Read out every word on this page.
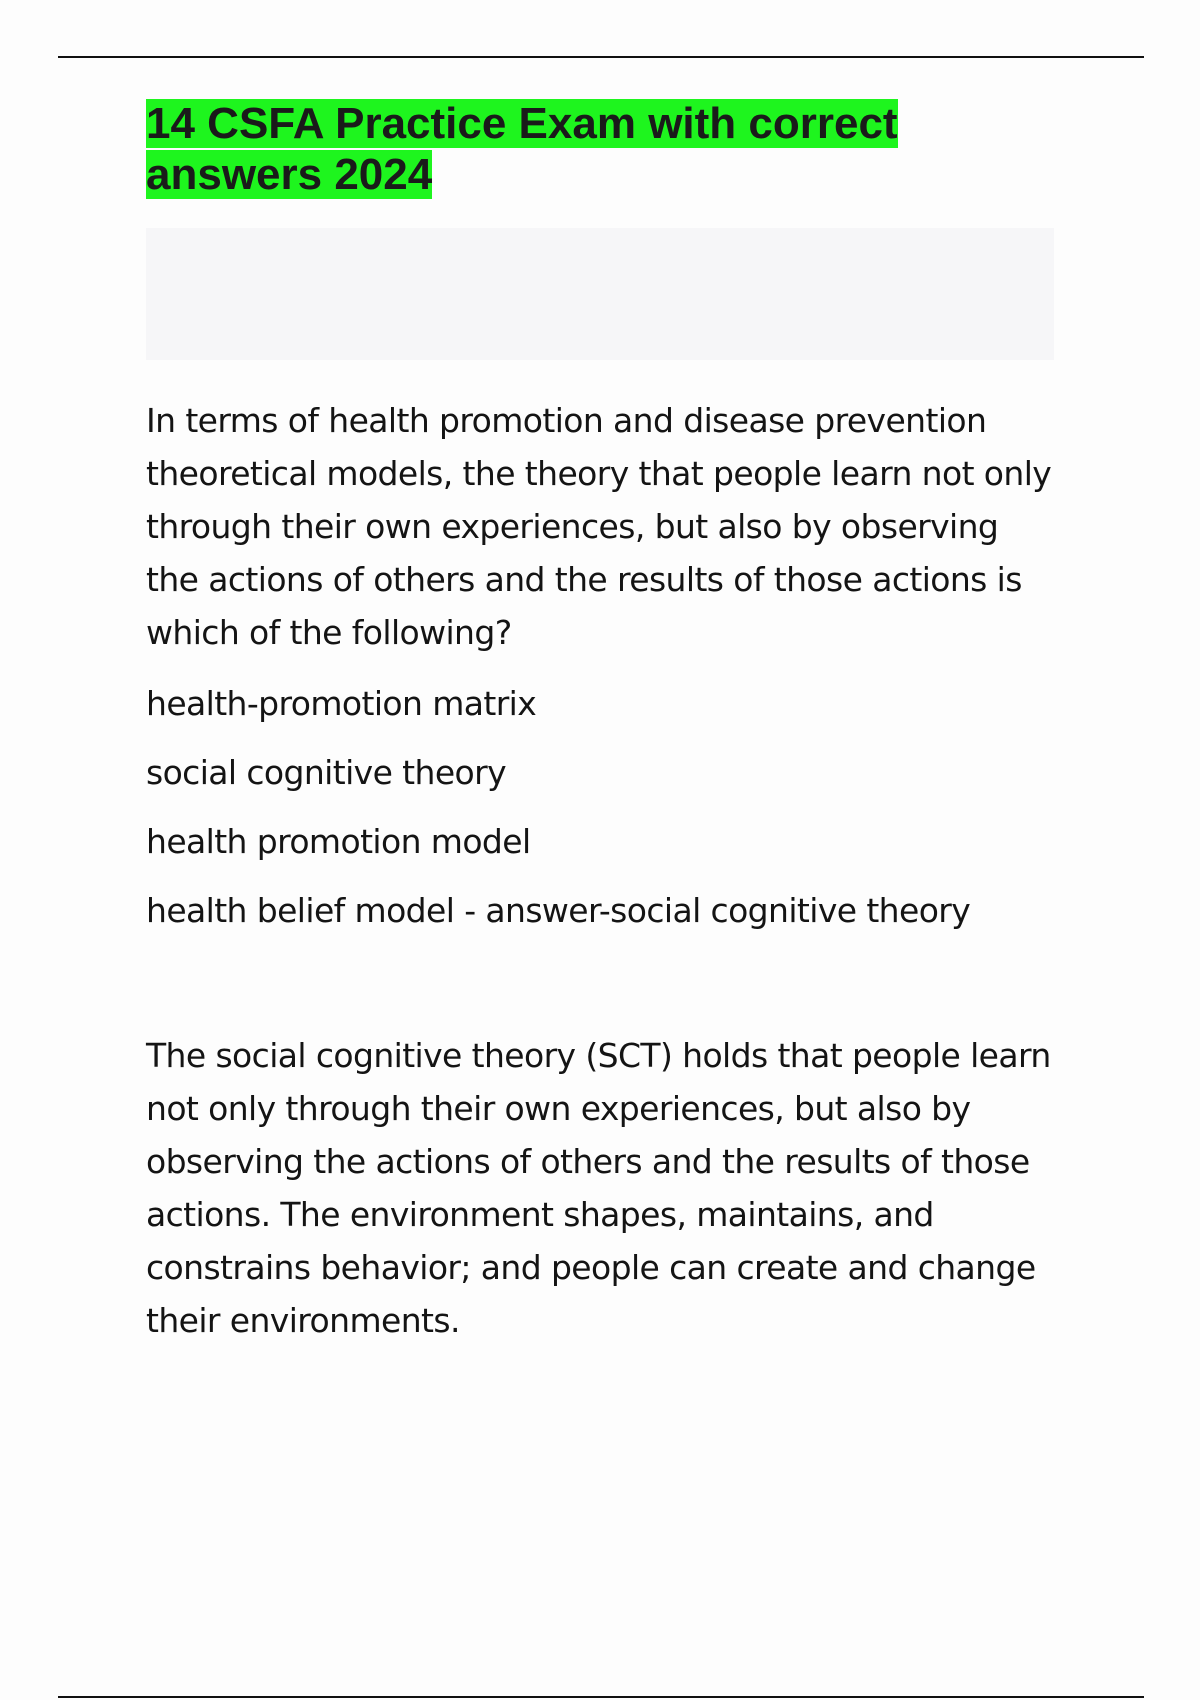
14 CSFA Practice Exam with correct answers 2024

In terms of health promotion and disease prevention theoretical models, the theory that people learn not only through their own experiences, but also by observing the actions of others and the results of those actions is which of the following?

health-promotion matrix
social cognitive theory
health promotion model
health belief model - answer-social cognitive theory

The social cognitive theory (SCT) holds that people learn not only through their own experiences, but also by observing the actions of others and the results of those actions. The environment shapes, maintains, and constrains behavior; and people can create and change their environments.
